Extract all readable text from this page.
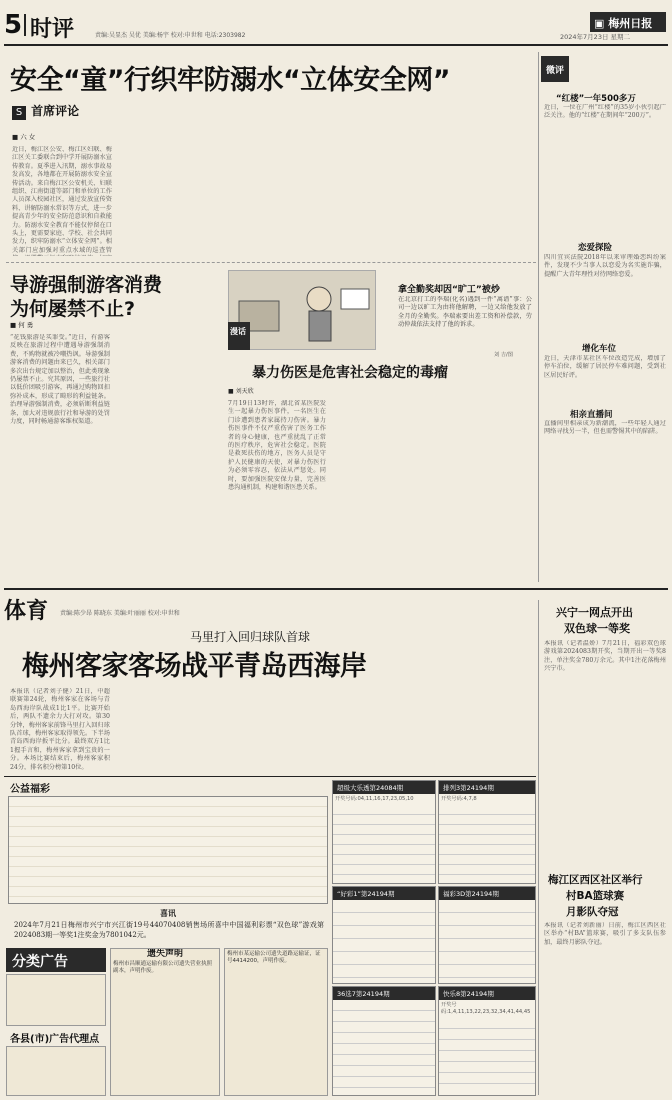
5 时评	责编:吴显杰 吴优 美编:杨宇 校对:申世和 电话:2303982
▣ 梅州日报
2024年7月23日 星期二
安全“童”行织牢防溺水“立体安全网”
S 首席评论
■ 六 女
近日，梅江区公安、梅江区妇联、梅江区关工委联合到中学开展防溺水宣传教育。夏季进入汛期，溺水事故易发高发，各地都在开展防溺水安全宣传活动。来自梅江区公安机关、妇联组织、江南街道等部门和单位的工作人员深入校园社区，通过发放宣传资料、讲解防溺水常识等方式，进一步提高青少年的安全防范意识和自救能力。防溺水安全教育不能仅停留在口头上，更需要家庭、学校、社会共同发力，织牢防溺水“立体安全网”。相关部门应加强对重点水域的巡查管
微评
“红楼”一年500多万
近日，一位在广州“红楼”的35岁小伙引起广泛关注。他的“红楼”在期间年“200万”。
恋爱探险
四川宜宾法院2018年以来审理婚恋纠纷案件，发现不少当事人以恋爱为名实施诈骗，提醒广大青年理性对待网络恋爱。
增化车位
近日，天津市某社区车位改造完成，增加了停车泊位，缓解了居民停车难问题，受到社区居民好评。
相亲直播间
直播间里相亲成为新潮流，一些年轻人通过网络寻找另一半，但也需警惕其中的陷阱。
导游强制游客消费
为何屡禁不止?
■ 何 勇
“花钱旅游是买罪受。”近日，有游客反映在旅游过程中遭遇导游强制消费，不购物就被冷嘲热讽。导游强制游客消费的问题由来已久，相关部门多次出台规定加以整治，但此类现象仍屡禁不止。究其原因，一些旅行社以低价团吸引游客，再通过购物回扣弥补成本，形成了畸形的利益链条。治理导游强制消费，必须斩断利益链条，加大对违规旅行社和导游的处罚力度，同时畅通游客维权渠道。
漫话
拿全勤奖却因“旷工”被炒
在北京打工的李瑞(化名)遇到一件“离谱”事：公司一边以旷工为由将他解聘，一边又给他发放了全月的全勤奖。李瑞索要出差工资和补偿款，劳动仲裁依法支持了他的诉求。
刘 吉/图
暴力伤医是危害社会稳定的毒瘤
■ 刘天欣
7月19日13时许，湖北省某医院发生一起暴力伤医事件，一名医生在门诊遭到患者家属持刀伤害。暴力伤医事件不仅严重伤害了医务工作者的身心健康，也严重扰乱了正常的医疗秩序，危害社会稳定。医院是救死扶伤的地方，医务人员是守护人民健康的天使，对暴力伤医行为必须零容忍，依法从严惩处。同时，要加强医院安保力量，完善医患沟通机制，构建和谐医患关系。
体育 责编:陈少昂 陈晓东 美编:叶丽丽 校对:申世和
马里打入回归球队首球
梅州客家客场战平青岛西海岸
本报讯（记者刘子健）21日，中超联赛第24轮，梅州客家在客场与青岛西海岸队战成1比1平。比赛开始后，两队不遗余力大打对攻。第30分钟，梅州客家前锋马里打入回归球队首球，梅州客家取得领先。下半场青岛西海岸扳平比分。最终双方1比1握手言和，梅州客家拿到宝贵的一分。本场比赛结束后，梅州客家积24分，排名积分榜第10位。
兴宁一网点开出
双色球一等奖
本报讯（记者温娇）7月21日，福彩双色球游戏第2024083期开奖，当期开出一等奖8注，单注奖金780万余元。其中1注花落梅州兴宁市。
梅江区西区社区举行
村BA篮球赛
月影队夺冠
本报讯（记者刘新丽）日前，梅江区西区社区举办“村BA”篮球赛，吸引了多支队伍参加，最终月影队夺冠。
公益福彩
喜讯
2024年7月21日梅州市兴宁市兴江街19号44070408销售场所喜中中国福利彩票“双色球”游戏第2024083期一等奖1注奖金为7801042元。
超级大乐透第24084期
开奖号码:04,11,16,17,23,05,10
排列3第24194期
开奖号码:4,7,8
“好彩1”第24194期	福彩3D第24194期
36选7第24194期	快乐8第24194期
开奖号码:1,4,11,13,22,23,32,34,41,44,45
分类广告
各县(市)广告代理点
遗失声明
梅州市昌顺通运输有限公司遗失营业执照副本，声明作废。
梅州市某运输公司遗失道路运输证，证号4414200，声明作废。
